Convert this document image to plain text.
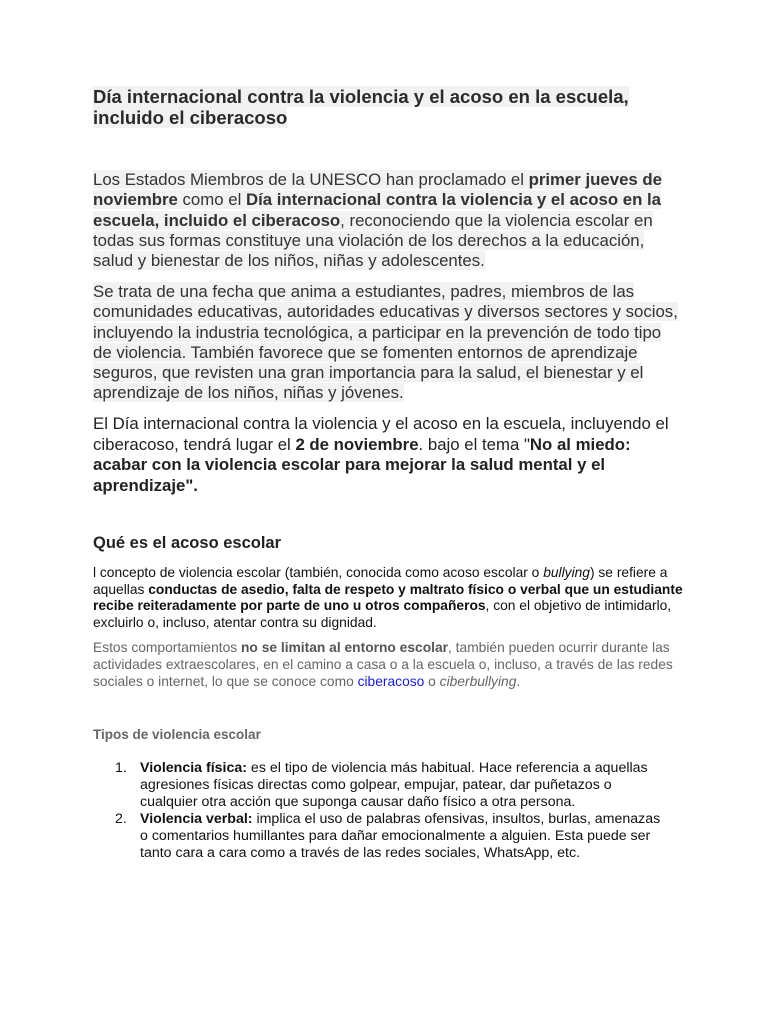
Día internacional contra la violencia y el acoso en la escuela, incluido el ciberacoso
Los Estados Miembros de la UNESCO han proclamado el primer jueves de noviembre como el Día internacional contra la violencia y el acoso en la escuela, incluido el ciberacoso, reconociendo que la violencia escolar en todas sus formas constituye una violación de los derechos a la educación, salud y bienestar de los niños, niñas y adolescentes.
Se trata de una fecha que anima a estudiantes, padres, miembros de las comunidades educativas, autoridades educativas y diversos sectores y socios, incluyendo la industria tecnológica, a participar en la prevención de todo tipo de violencia. También favorece que se fomenten entornos de aprendizaje seguros, que revisten una gran importancia para la salud, el bienestar y el aprendizaje de los niños, niñas y jóvenes.
El Día internacional contra la violencia y el acoso en la escuela, incluyendo el ciberacoso, tendrá lugar el 2 de noviembre. bajo el tema "No al miedo: acabar con la violencia escolar para mejorar la salud mental y el aprendizaje".
Qué es el acoso escolar
l concepto de violencia escolar (también, conocida como acoso escolar o bullying) se refiere a aquellas conductas de asedio, falta de respeto y maltrato físico o verbal que un estudiante recibe reiteradamente por parte de uno u otros compañeros, con el objetivo de intimidarlo, excluirlo o, incluso, atentar contra su dignidad.
Estos comportamientos no se limitan al entorno escolar, también pueden ocurrir durante las actividades extraescolares, en el camino a casa o a la escuela o, incluso, a través de las redes sociales o internet, lo que se conoce como ciberacoso o ciberbullying.
Tipos de violencia escolar
1. Violencia física: es el tipo de violencia más habitual. Hace referencia a aquellas agresiones físicas directas como golpear, empujar, patear, dar puñetazos o cualquier otra acción que suponga causar daño físico a otra persona.
2. Violencia verbal: implica el uso de palabras ofensivas, insultos, burlas, amenazas o comentarios humillantes para dañar emocionalmente a alguien. Esta puede ser tanto cara a cara como a través de las redes sociales, WhatsApp, etc.
